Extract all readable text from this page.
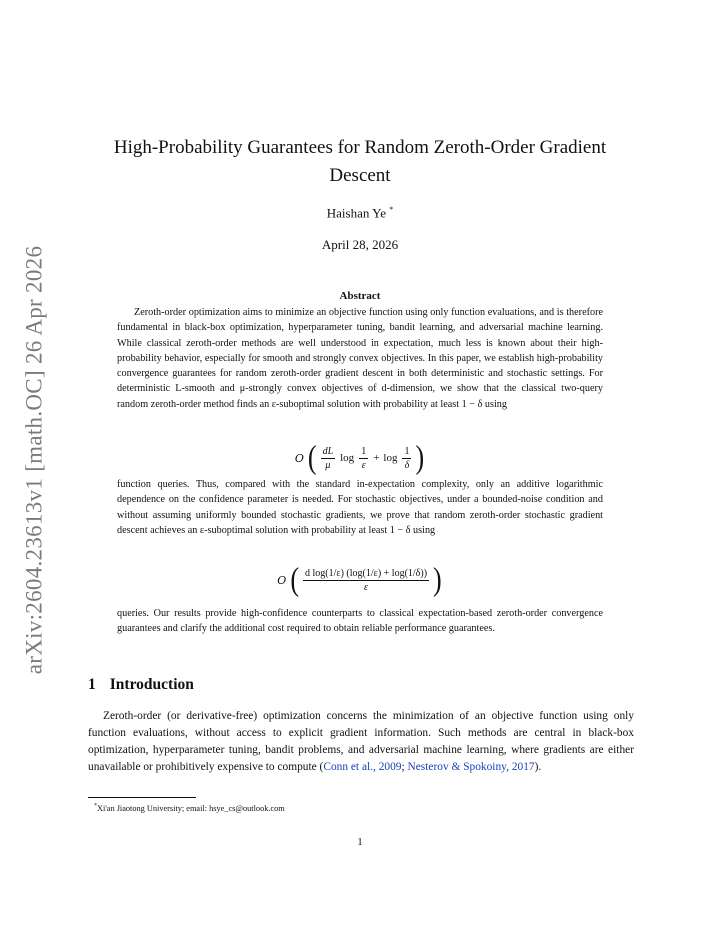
arXiv:2604.23613v1 [math.OC] 26 Apr 2026
High-Probability Guarantees for Random Zeroth-Order Gradient
Descent
Haishan Ye *
April 28, 2026
Abstract

Zeroth-order optimization aims to minimize an objective function using only function evaluations, and is therefore fundamental in black-box optimization, hyperparameter tuning, bandit learning, and adversarial machine learning. While classical zeroth-order methods are well understood in expectation, much less is known about their high-probability behavior, especially for smooth and strongly convex objectives. In this paper, we establish high-probability convergence guarantees for random zeroth-order gradient descent in both deterministic and stochastic settings. For deterministic L-smooth and μ-strongly convex objectives of d-dimension, we show that the classical two-query random zeroth-order method finds an ε-suboptimal solution with probability at least 1 − δ using

O ( $\frac{dL}{\mu}$ $\log \frac{1}{\varepsilon} + \log \frac{1}{\delta}$ )

function queries. Thus, compared with the standard in-expectation complexity, only an additive logarithmic dependence on the confidence parameter is needed. For stochastic objectives, under a bounded-noise condition and without assuming uniformly bounded stochastic gradients, we prove that random zeroth-order stochastic gradient descent achieves an ε-suboptimal solution with probability at least 1 − δ using

O ( $\frac{\text{d log(1/ε) (log(1/ε) + log(1/δ))}}{\varepsilon}$ )

queries. Our results provide high-confidence counterparts to classical expectation-based zeroth-order convergence guarantees and clarify the additional cost required to obtain reliable performance guarantees.

1 Introduction

Zeroth-order (or derivative-free) optimization concerns the minimization of an objective function using only function evaluations, without access to explicit gradient information. Such methods are central in black-box optimization, hyperparameter tuning, bandit problems, and adversarial machine learning, where gradients are either unavailable or prohibitively expensive to compute (Conn et al., 2009; Nesterov & Spokoiny, 2017).

*Xi'an Jiaotong University; email: hsye_cs@outlook.com
1
